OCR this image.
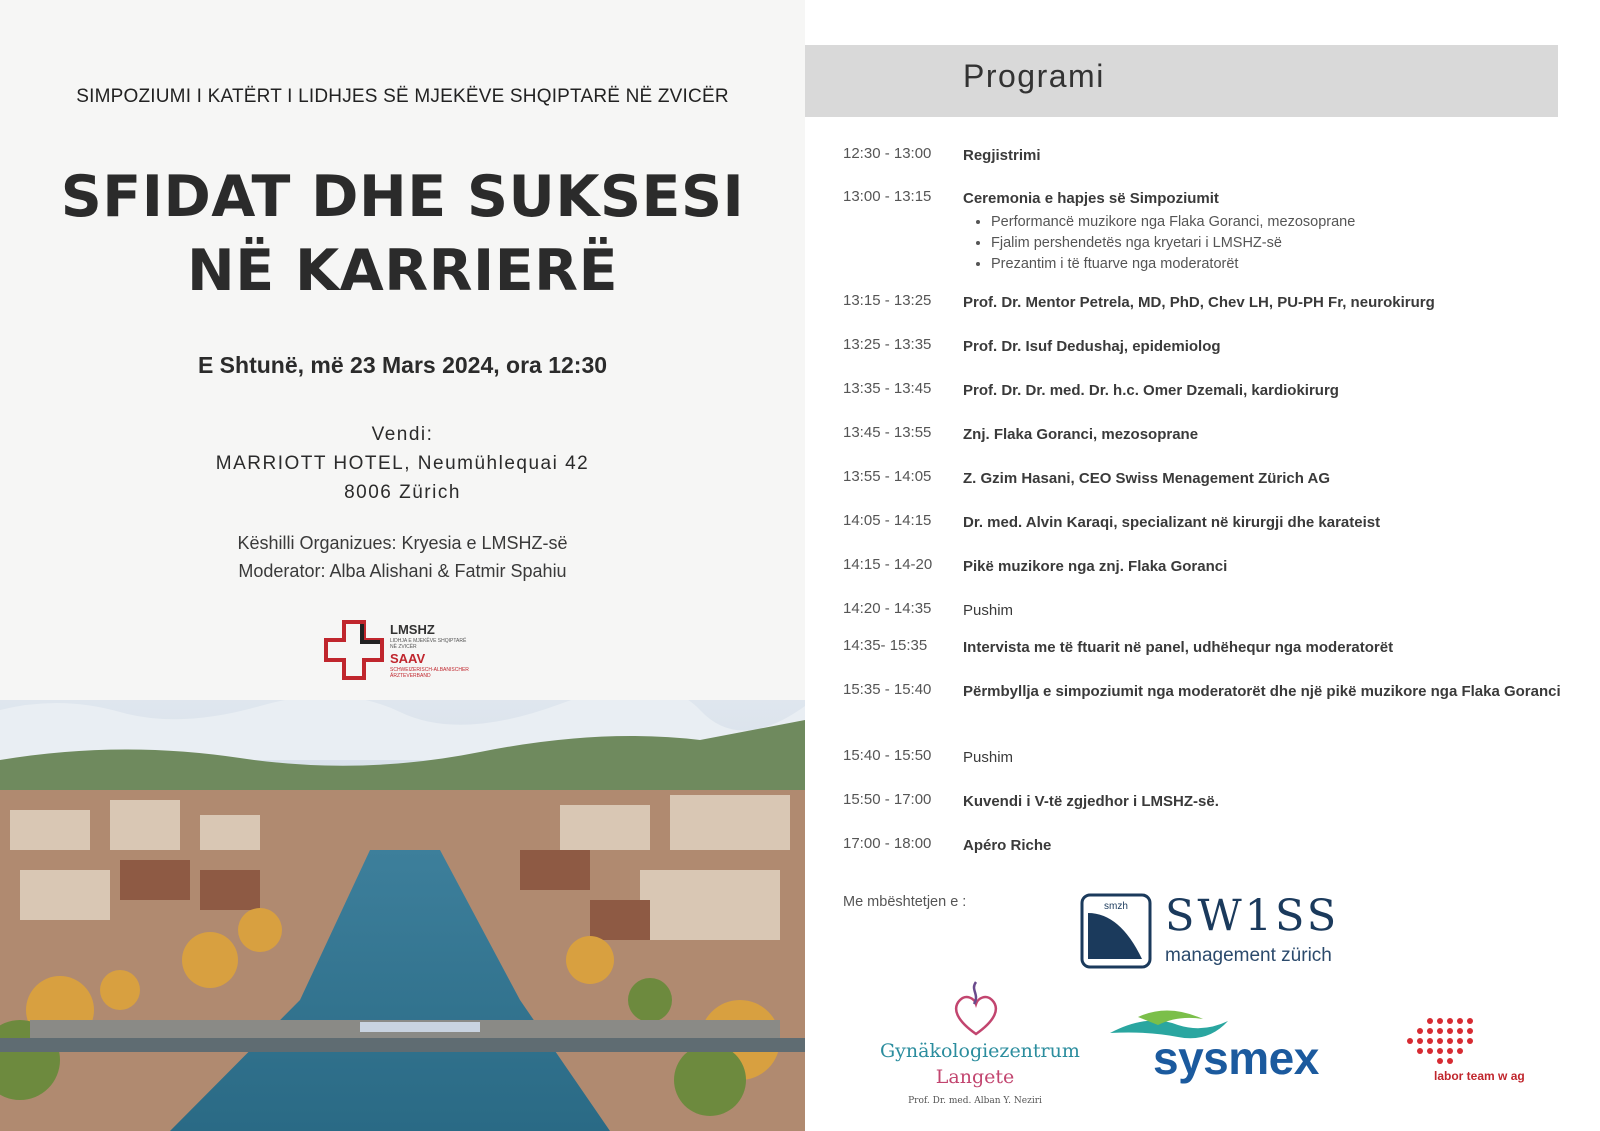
SIMPOZIUMI I KATËRT I LIDHJES SË MJEKËVE SHQIPTARË NË ZVICËR
SFIDAT DHE SUKSESI
NË KARRIERË
E Shtunë, më 23 Mars 2024, ora 12:30
Vendi:
MARRIOTT HOTEL, Neumühlequai 42
8006 Zürich
Këshilli Organizues: Kryesia e LMSHZ-së
Moderator: Alba Alishani & Fatmir Spahiu
LMSHZ
LIDHJA E MJEKËVE SHQIPTARË NË ZVICËR
SAAV
SCHWEIZERISCH-ALBANISCHER ÄRZTEVERBAND
Programi
12:30 - 13:00	Regjistrimi
13:00 - 13:15	Ceremonia e hapjes së Simpoziumit
• Performancë muzikore nga Flaka Goranci, mezosoprane
• Fjalim pershendetës nga kryetari i LMSHZ-së
• Prezantim i të ftuarve nga moderatorët
13:15 - 13:25	Prof. Dr. Mentor Petrela, MD, PhD, Chev LH, PU-PH Fr, neurokirurg
13:25 - 13:35	Prof. Dr. Isuf Dedushaj, epidemiolog
13:35 - 13:45	Prof. Dr. Dr. med. Dr. h.c. Omer Dzemali, kardiokirurg
13:45 - 13:55	Znj. Flaka Goranci, mezosoprane
13:55 - 14:05	Z. Gzim Hasani, CEO Swiss Menagement Zürich AG
14:05 - 14:15	Dr. med. Alvin Karaqi, specializant në kirurgji dhe karateist
14:15 - 14-20	Pikë muzikore nga znj. Flaka Goranci
14:20 - 14:35	Pushim
14:35- 15:35	Intervista me të ftuarit në panel, udhëhequr nga moderatorët
15:35 - 15:40	Përmbyllja e simpoziumit nga moderatorët dhe një pikë muzikore nga Flaka Goranci
15:40 - 15:50	Pushim
15:50 - 17:00	Kuvendi i V-të zgjedhor i LMSHZ-së.
17:00 - 18:00	Apéro Riche
Me mbështetjen e :	smzh SW1SS
management zürich
Gynäkologiezentrum
Langete
Prof. Dr. med. Alban Y. Neziri
sysmex	labor team w ag
